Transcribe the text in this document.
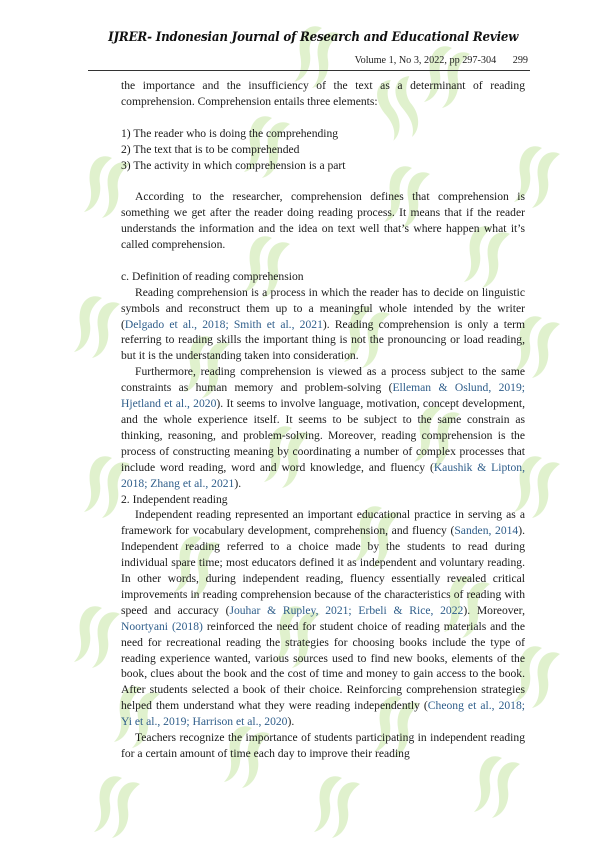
IJRER- Indonesian Journal of Research and Educational Review
Volume 1, No 3, 2022, pp 297-304 299

the importance and the insufficiency of the text as a determinant of reading comprehension. Comprehension entails three elements:

1) The reader who is doing the comprehending

2) The text that is to be comprehended

3) The activity in which comprehension is a part

According to the researcher, comprehension defines that comprehension is something we get after the reader doing reading process. It means that if the reader understands the information and the idea on text well that’s where happen what it’s called comprehension.

c. Definition of reading comprehension

Reading comprehension is a process in which the reader has to decide on linguistic symbols and reconstruct them up to a meaningful whole intended by the writer (Delgado et al., 2018; Smith et al., 2021). Reading comprehension is only a term referring to reading skills the important thing is not the pronouncing or load reading, but it is the understanding taken into consideration.

Furthermore, reading comprehension is viewed as a process subject to the same constraints as human memory and problem-solving (Elleman & Oslund, 2019; Hjetland et al., 2020). It seems to involve language, motivation, concept development, and the whole experience itself. It seems to be subject to the same constrain as thinking, reasoning, and problem-solving. Moreover, reading comprehension is the process of constructing meaning by coordinating a number of complex processes that include word reading, word and word knowledge, and fluency (Kaushik & Lipton, 2018; Zhang et al., 2021).

2. Independent reading

Independent reading represented an important educational practice in serving as a framework for vocabulary development, comprehension, and fluency (Sanden, 2014). Independent reading referred to a choice made by the students to read during individual spare time; most educators defined it as independent and voluntary reading. In other words, during independent reading, fluency essentially revealed critical improvements in reading comprehension because of the characteristics of reading with speed and accuracy (Jouhar & Rupley, 2021; Erbeli & Rice, 2022). Moreover, Noortyani (2018) reinforced the need for student choice of reading materials and the need for recreational reading the strategies for choosing books include the type of reading experience wanted, various sources used to find new books, elements of the book, clues about the book and the cost of time and money to gain access to the book. After students selected a book of their choice. Reinforcing comprehension strategies helped them understand what they were reading independently (Cheong et al., 2018; Yi et al., 2019; Harrison et al., 2020).

Teachers recognize the importance of students participating in independent reading for a certain amount of time each day to improve their reading
